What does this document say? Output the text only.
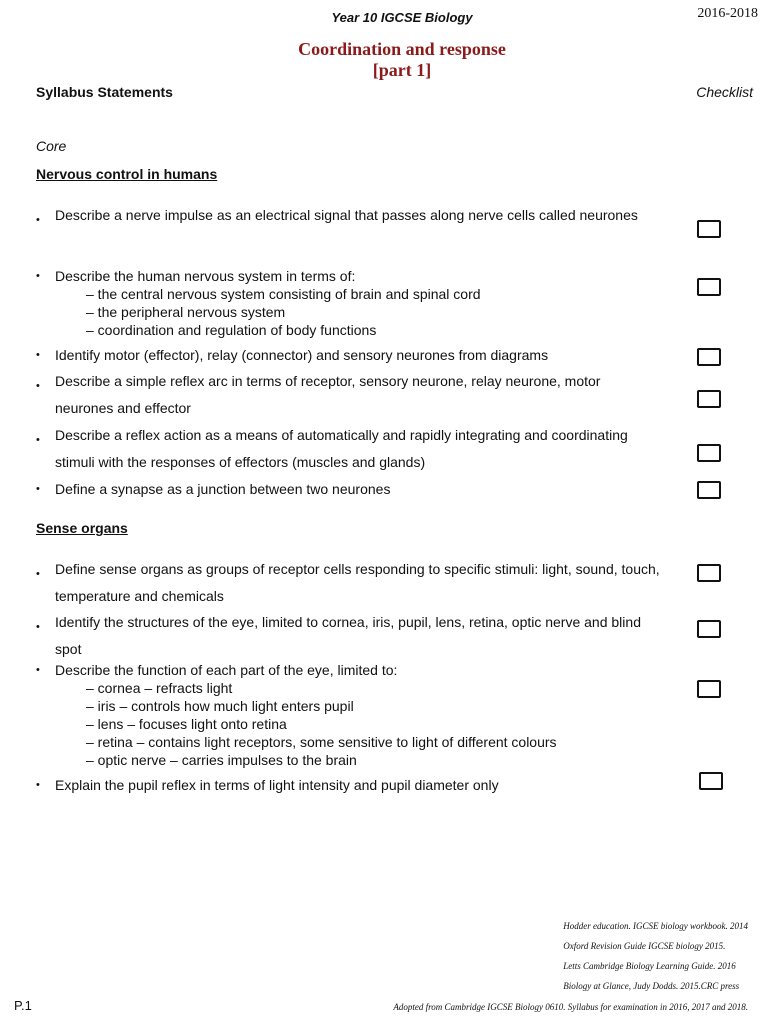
Year 10 IGCSE Biology	2016-2018
Coordination and response
[part 1]
Syllabus Statements	Checklist
Core
Nervous control in humans
•	Describe a nerve impulse as an electrical signal that passes along nerve cells called neurones
•	Describe the human nervous system in terms of:
– the central nervous system consisting of brain and spinal cord
– the peripheral nervous system
– coordination and regulation of body functions
•	Identify motor (effector), relay (connector) and sensory neurones from diagrams
•	Describe a simple reflex arc in terms of receptor, sensory neurone, relay neurone, motor neurones and effector
•	Describe a reflex action as a means of automatically and rapidly integrating and coordinating stimuli with the responses of effectors (muscles and glands)
•	Define a synapse as a junction between two neurones
Sense organs
•	Define sense organs as groups of receptor cells responding to specific stimuli: light, sound, touch, temperature and chemicals
•	Identify the structures of the eye, limited to cornea, iris, pupil, lens, retina, optic nerve and blind spot
•	Describe the function of each part of the eye, limited to:
– cornea – refracts light
– iris – controls how much light enters pupil
– lens – focuses light onto retina
– retina – contains light receptors, some sensitive to light of different colours
– optic nerve – carries impulses to the brain
•	Explain the pupil reflex in terms of light intensity and pupil diameter only
Hodder education. IGCSE biology workbook. 2014
Oxford Revision Guide IGCSE biology 2015.
Letts Cambridge Biology Learning Guide. 2016
Biology at Glance, Judy Dodds. 2015.CRC press
P.1	Adopted from Cambridge IGCSE Biology 0610. Syllabus for examination in 2016, 2017 and 2018.
